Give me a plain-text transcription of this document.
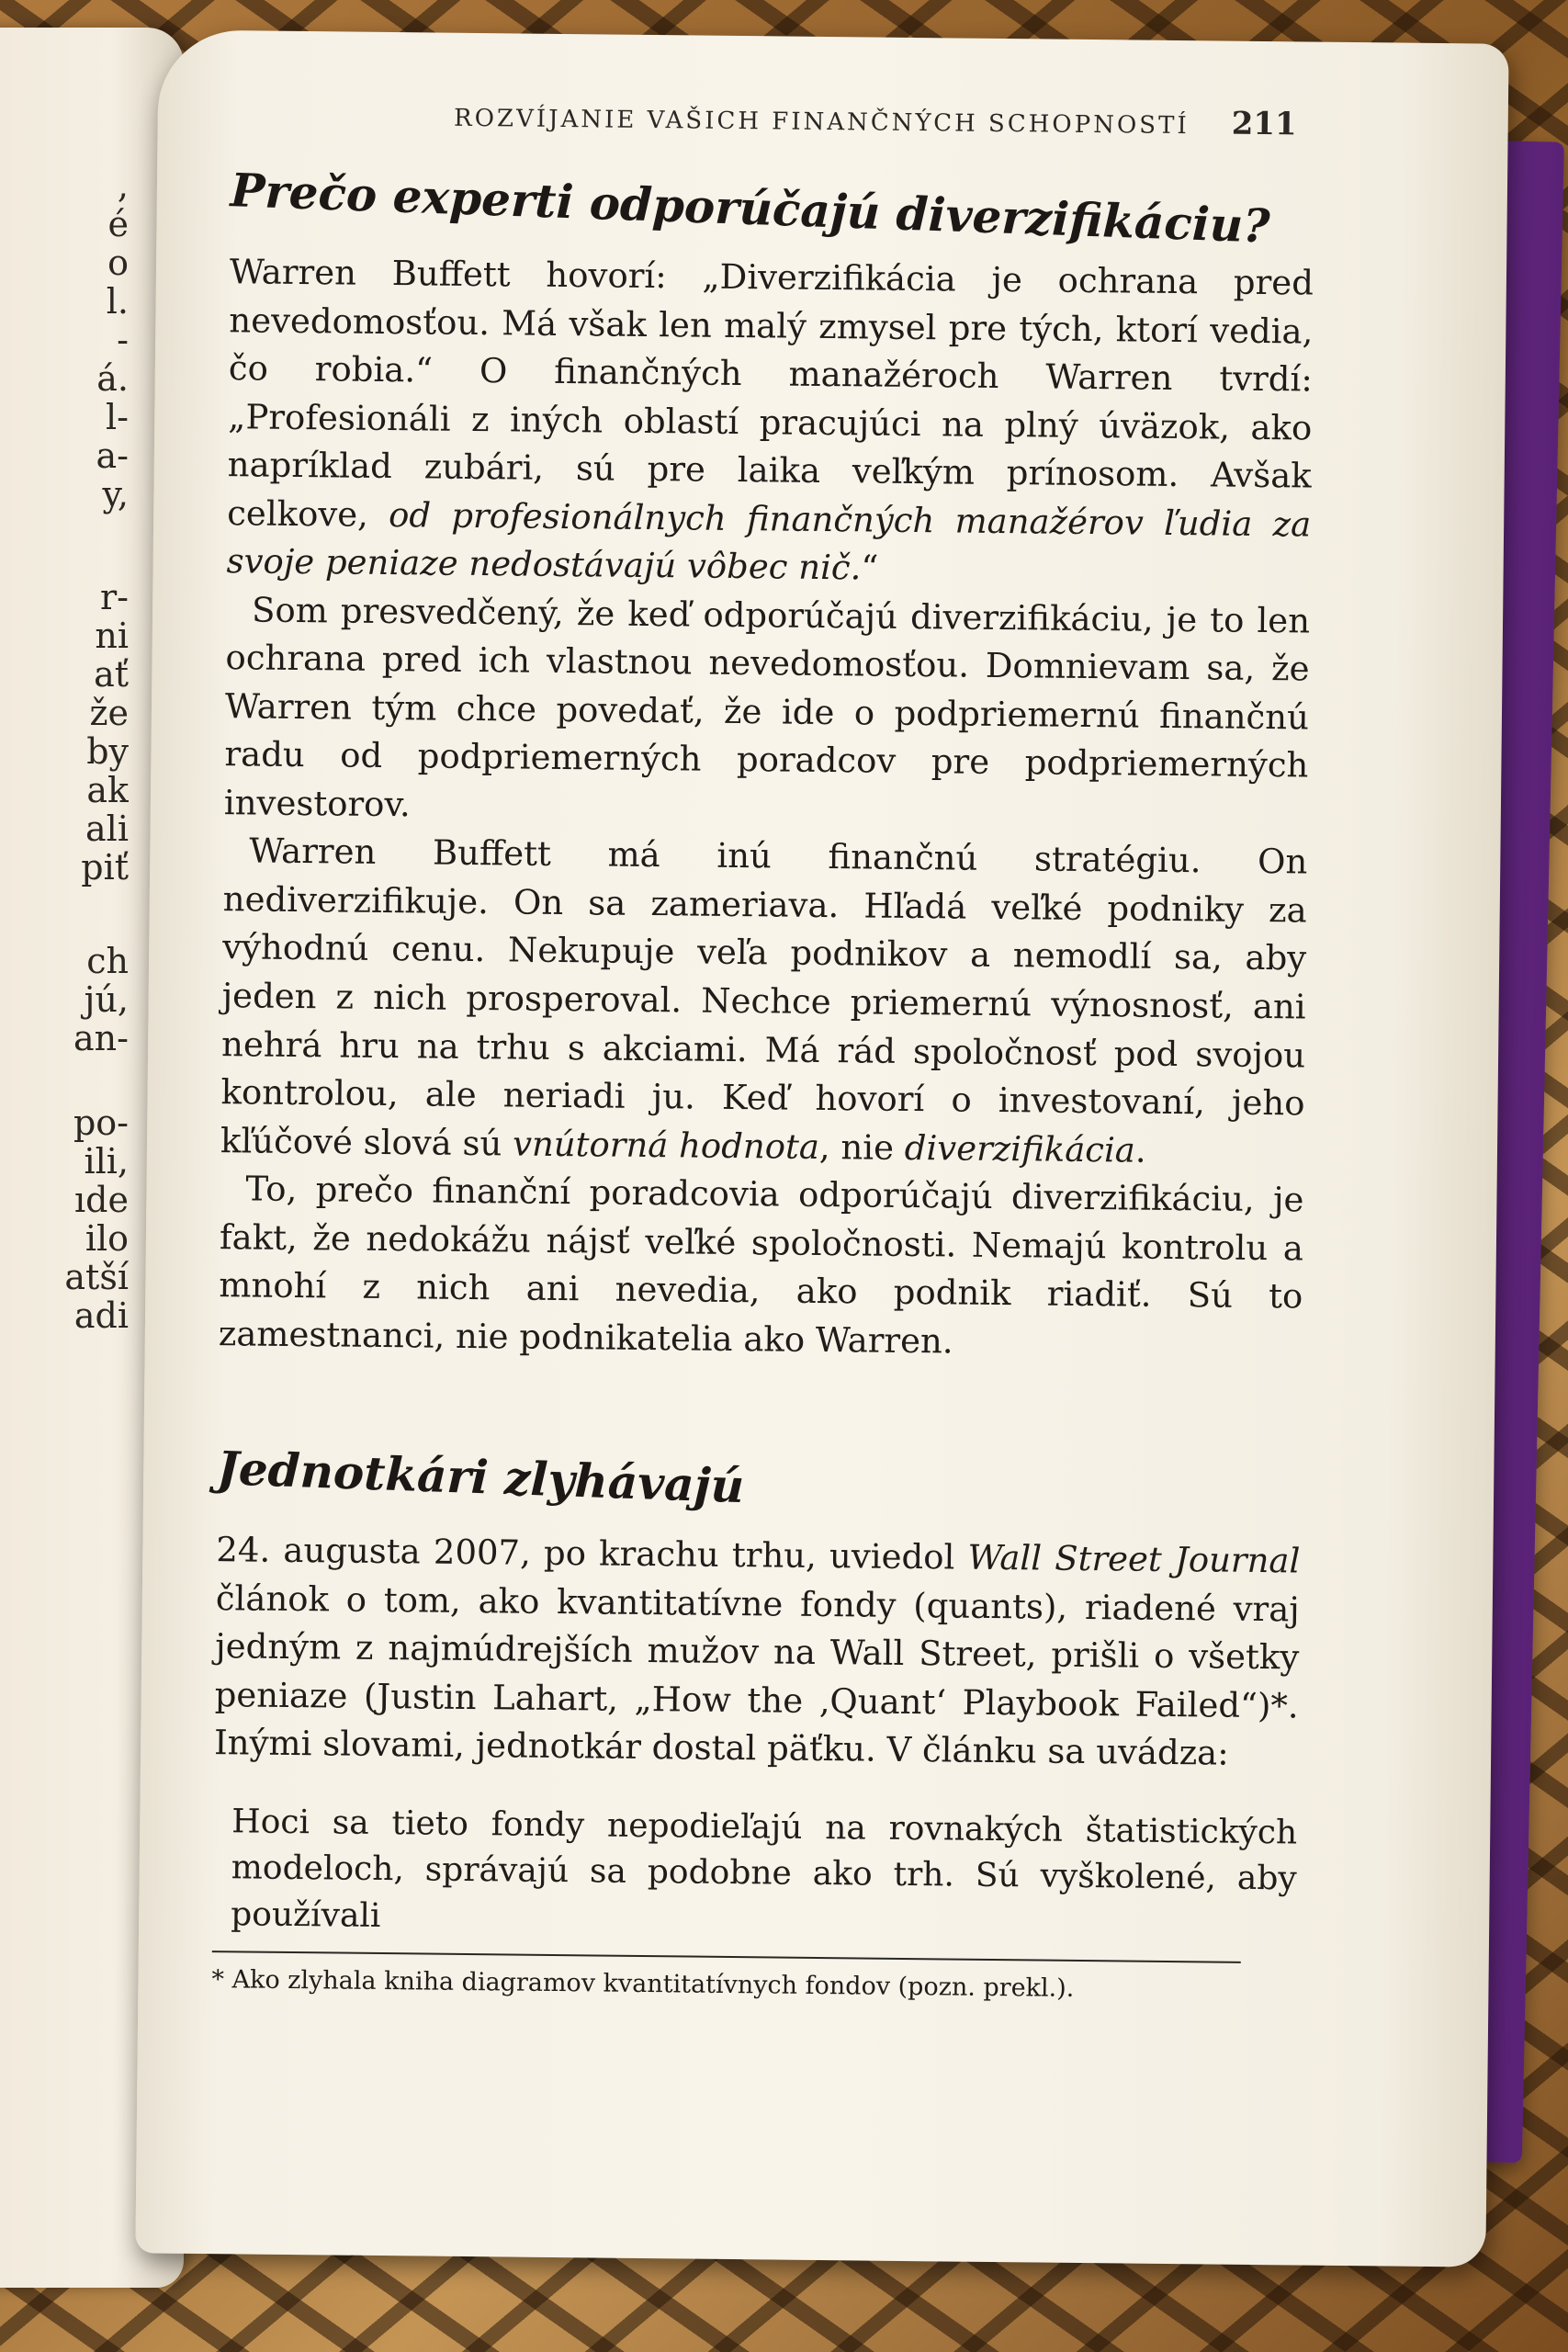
,
é
o
l.
-
á.
l-
a-
y,
r-
ni
ať
že
by
ak
ali
piť
ch
jú,
an-
po-
ili,
ıde
ilo
atší
adi
ROZVÍJANIE VAŠICH FINANČNÝCH SCHOPNOSTÍ 211
Prečo experti odporúčajú diverzifikáciu?

Warren Buffett hovorí: „Diverzifikácia je ochrana pred nevedomosťou. Má však len malý zmysel pre tých, ktorí vedia, čo robia.“ O finančných manažéroch Warren tvrdí: „Profesionáli z iných oblastí pracujúci na plný úväzok, ako napríklad zubári, sú pre laika veľkým prínosom. Avšak celkove, od profesionálnych finančných manažérov ľudia za svoje peniaze nedostávajú vôbec nič.“

Som presvedčený, že keď odporúčajú diverzifikáciu, je to len ochrana pred ich vlastnou nevedomosťou. Domnievam sa, že Warren tým chce povedať, že ide o podpriemernú finančnú radu od podpriemerných poradcov pre podpriemerných investorov.

Warren Buffett má inú finančnú stratégiu. On nediverzifikuje. On sa zameriava. Hľadá veľké podniky za výhodnú cenu. Nekupuje veľa podnikov a nemodlí sa, aby jeden z nich prosperoval. Nechce priemernú výnosnosť, ani nehrá hru na trhu s akciami. Má rád spoločnosť pod svojou kontrolou, ale neriadi ju. Keď hovorí o investovaní, jeho kľúčové slová sú vnútorná hodnota, nie diverzifikácia.

To, prečo finanční poradcovia odporúčajú diverzifikáciu, je fakt, že nedokážu nájsť veľké spoločnosti. Nemajú kontrolu a mnohí z nich ani nevedia, ako podnik riadiť. Sú to zamestnanci, nie podnikatelia ako Warren.

Jednotkári zlyhávajú

24. augusta 2007, po krachu trhu, uviedol Wall Street Journal článok o tom, ako kvantitatívne fondy (quants), riadené vraj jedným z najmúdrejších mužov na Wall Street, prišli o všetky peniaze (Justin Lahart, „How the ‚Quant‘ Playbook Failed“)*. Inými slovami, jednotkár dostal päťku. V článku sa uvádza:

Hoci sa tieto fondy nepodieľajú na rovnakých štatistických modeloch, správajú sa podobne ako trh. Sú vyškolené, aby používali
* Ako zlyhala kniha diagramov kvantitatívnych fondov (pozn. prekl.).
